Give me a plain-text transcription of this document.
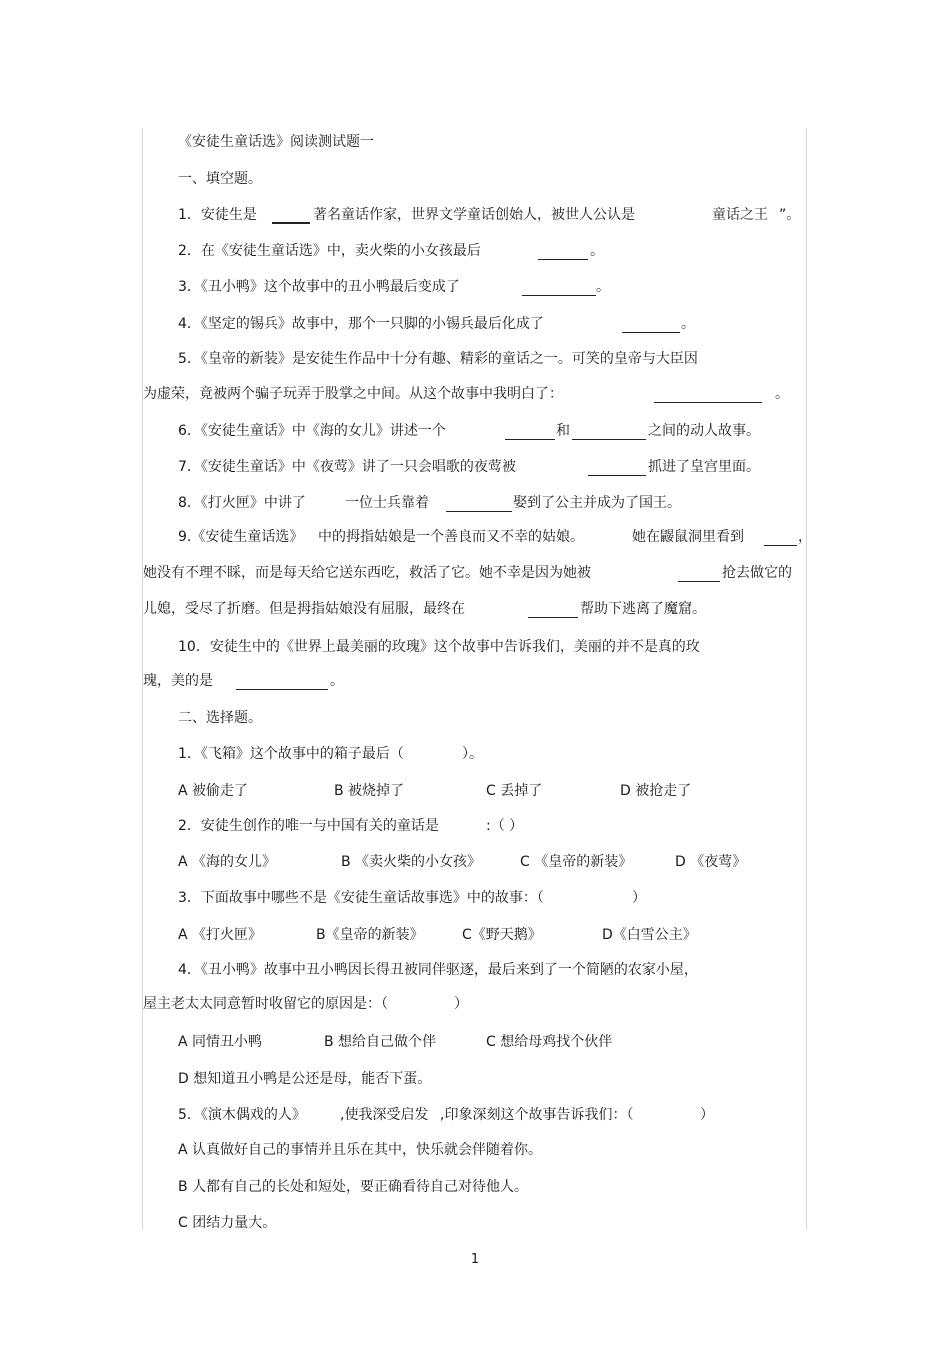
《安徒生童话选》阅读测试题一
一、填空题。
1．安徒生是	著名童话作家，世界文学童话创始人，被世人公认是	童话之王 ”。
2．在《安徒生童话选》中，卖火柴的小女孩最后	。
3．《丑小鸭》这个故事中的丑小鸭最后变成了	。
4．《坚定的锡兵》故事中，那个一只脚的小锡兵最后化成了	。
5．《皇帝的新装》是安徒生作品中十分有趣、精彩的童话之一。可笑的皇帝与大臣因
为虚荣，竟被两个骗子玩弄于股掌之中间。从这个故事中我明白了：	。
6．《安徒生童话》中《海的女儿》讲述一个	和	之间的动人故事。
7．《安徒生童话》中《夜莺》讲了一只会唱歌的夜莺被	抓进了皇宫里面。
8．《打火匣》中讲了	一位士兵靠着	娶到了公主并成为了国王。
9.《安徒生童话选》 中的拇指姑娘是一个善良而又不幸的姑娘。	她在鼹鼠洞里看到	，
她没有不理不睬，而是每天给它送东西吃，救活了它。她不幸是因为她被	抢去做它的
儿媳，受尽了折磨。但是拇指姑娘没有屈服，最终在	帮助下逃离了魔窟。
10．安徒生中的《世界上最美丽的玫瑰》这个故事中告诉我们，美丽的并不是真的玫
瑰，美的是	。
二、选择题。
1．《飞箱》这个故事中的箱子最后（	）。
A 被偷走了	B 被烧掉了	C 丢掉了	D 被抢走了
2．安徒生创作的唯一与中国有关的童话是	:（ ）
A 《海的女儿》	B 《卖火柴的小女孩》	C 《皇帝的新装》	D 《夜莺》
3．下面故事中哪些不是《安徒生童话故事选》中的故事：（	）
A 《打火匣》	B《皇帝的新装》	C《野天鹅》	D《白雪公主》
4．《丑小鸭》故事中丑小鸭因长得丑被同伴驱逐，最后来到了一个简陋的农家小屋，
屋主老太太同意暂时收留它的原因是：（	）
A 同情丑小鸭	B 想给自己做个伴	C 想给母鸡找个伙伴
D 想知道丑小鸭是公还是母，能否下蛋。
5．《演木偶戏的人》 ,使我深受启发 ,印象深刻这个故事告诉我们：（	）
A 认真做好自己的事情并且乐在其中，快乐就会伴随着你。
B 人都有自己的长处和短处，要正确看待自己对待他人。
C 团结力量大。
1
